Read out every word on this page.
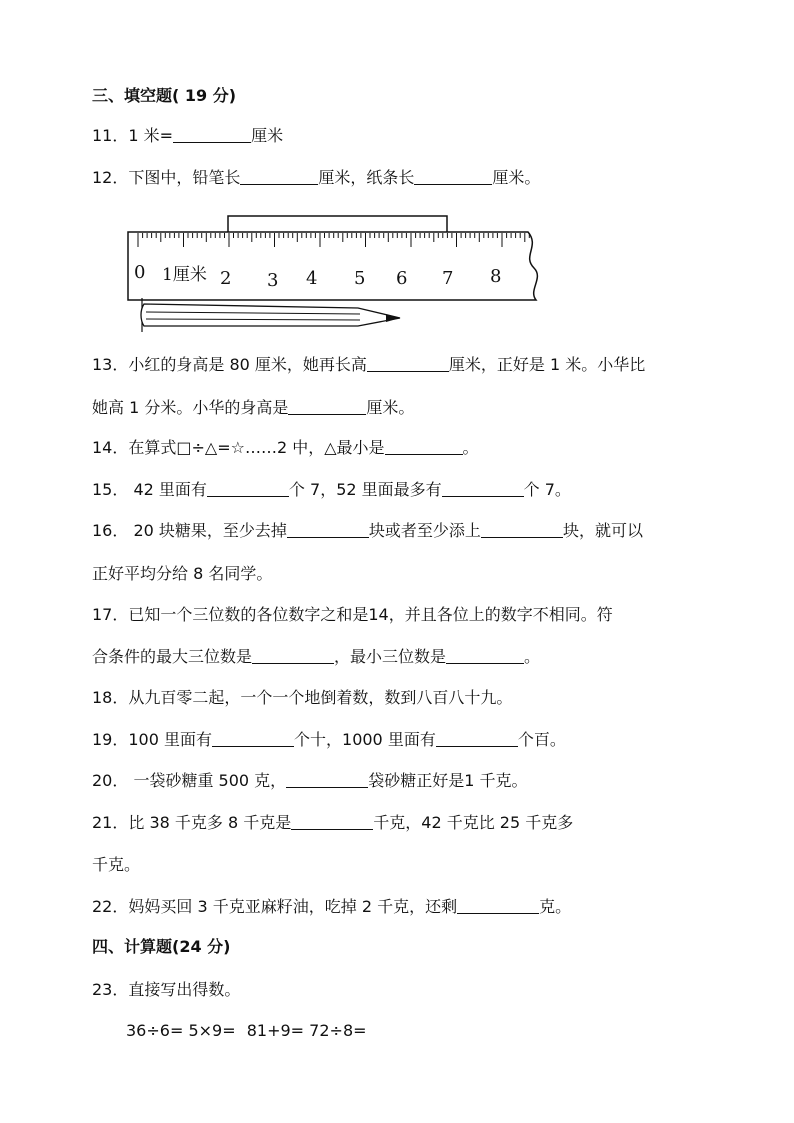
三、填空题( 19 分)
11．1 米=	厘米
12．下图中，铅笔长	厘米，纸条长	厘米。
0 1厘米 2 3 4 5 6 7 8
13．小红的身高是 80 厘米，她再长高	厘米，正好是 1 米。小华比
她高 1 分米。小华的身高是	厘米。
14．在算式□÷△=☆……2 中，△最小是	。
15． 42 里面有	个 7，52 里面最多有	个 7。
16． 20 块糖果，至少去掉	块或者至少添上	块，就可以
正好平均分给 8 名同学。
17．已知一个三位数的各位数字之和是14，并且各位上的数字不相同。符
合条件的最大三位数是	，最小三位数是	。
18．从九百零二起，一个一个地倒着数，数到八百八十九。
19．100 里面有	个十，1000 里面有	个百。
20． 一袋砂糖重 500 克，	袋砂糖正好是1 千克。
21．比 38 千克多 8 千克是	千克，42 千克比 25 千克多
千克。
22．妈妈买回 3 千克亚麻籽油，吃掉 2 千克，还剩	克。
四、计算题(24 分)
23．直接写出得数。
36÷6= 5×9= 81+9= 72÷8=
